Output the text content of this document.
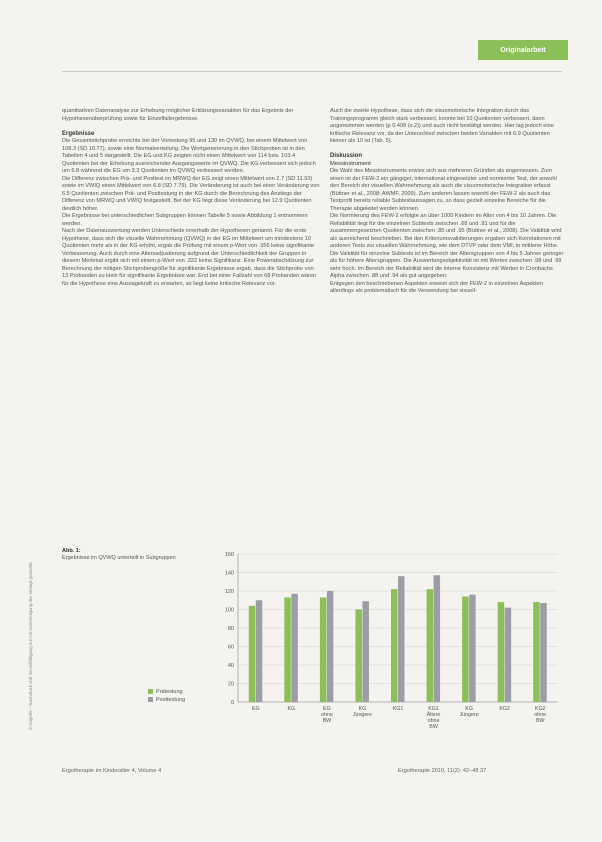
Originalarbeit
© Hogrefe – Nachdruck und Vervielfältigung nur mit Genehmigung des Verlags gestattet.

quantitativen Datenanalyse zur Erhebung möglicher Erklärungsvariablen für das Ergebnis der Hypothesenüberprüfung sowie für Einzelfallergebnisse.

Ergebnisse

Die Gesamtstichprobe erreichte bei der Vortestung 95 und 130 im QVWQ, bei einem Mittelwert von 108.3 (SD 10.77), sowie eine Normalverteilung. Die Wortgenerierung in den Stichproben ist in den Tabellen 4 und 5 dargestellt. Die EG und KG zeigten nicht einen Mittelwert von 114 bzw. 103.4 Quotienten bei der Erhebung ausreichender Ausgangswerte im QVWQ. Die KG verbessert sich jedoch um 6.8 während die EG um 3.3 Quotienten im QVWQ verbessert werden.

Die Differenz zwischen Prä- und Posttest im MRWQ der EG zeigt einen Mittelwert von 2.7 (SD 11.93) sowie im VWIQ einen Mittelwert von 6.8 (SD 7.79). Die Veränderung ist auch bei einer Veränderung von 6.5 Quotienten zwischen Prä- und Posttestung in der KG durch die Berechnung des Anstiegs der Differenz von MRWQ und VWIQ festgestellt. Bei der KG liegt diese Veränderung bei 12.9 Quotienten deutlich höher.

Die Ergebnisse bei unterschiedlichen Subgruppen können Tabelle 5 sowie Abbildung 1 entnommen werden.

Nach der Datenauswertung werden Unterschiede innerhalb der Hypothesen genannt. Für die erste Hypothese, dass sich die visuelle Wahrnehmung (QVWQ) in der EG im Mittelwert um mindestens 10 Quotienten mehr als in der KG erhöht, ergab die Prüfung mit einem p-Wert von .356 keine signifikante Verbesserung. Auch durch eine Altersadjustierung aufgrund der Unterschiedlichkeit der Gruppen in diesem Merkmal ergibt sich mit einem p-Wert von .322 keine Signifikanz. Eine Powerabschätzung zur Berechnung der nötigen Stichprobengröße für signifikante Ergebnisse ergab, dass die Stichprobe von 13 Probanden zu klein für signifikante Ergebnisse war. Erst bei einer Fallzahl von 68 Probanden wären für die Hypothese eine Aussagekraft zu erwarten, so liegt keine kritische Relevanz vor.

Auch die zweite Hypothese, dass sich die visuomotorische Integration durch das Trainingsprogramm gleich stark verbessert, konnte bei 10 Quotienten verbessert, dann angenommen werden (p 0.408 (s.2)) und auch nicht bestätigt werden. Hier lag jedoch eine kritische Relevanz vor, da der Unterschied zwischen beiden Variablen mit 6.9 Quotienten kleiner als 10 ist (Tab. 5).

Diskussion
Messinstrument

Die Wahl des Messinstruments erwies sich aus mehreren Gründen als angemessen. Zum einen ist der FEW-2 ein gängiger, international eingesetzter und normierter Test, der sowohl den Bereich der visuellen Wahrnehmung als auch die visuomotorische Integration erfasst (Büttner et al., 2008; AWMF, 2009). Zum anderen lassen sowohl der FEW-2 als auch das Testprofil bereits reliable Subtestaussagen zu, so dass gezielt einzelne Bereiche für die Therapie abgeleitet werden können.

Die Normierung des FEW-2 erfolgte an über 1000 Kindern im Alter von 4 bis 10 Jahren. Die Reliabilität liegt für die einzelnen Subtests zwischen .68 und .91 und für die zusammengesetzten Quotienten zwischen .85 und .95 (Büttner et al., 2008). Die Validität wird als ausreichend beschrieben. Bei den Kriteriumsvalidierungen ergaben sich Korrelationen mit anderen Tests zur visuellen Wahrnehmung, wie dem DTVP oder dem VMI, in mittlerer Höhe. Die Validität für einzelne Subtests ist im Bereich der Altersgruppen von 4 bis 5 Jahren geringer als für höhere Altersgruppen. Die Auswertungsobjektivität ist mit Werten zwischen .98 und .99 sehr hoch. Im Bereich der Reliabilität wird die interne Konsistenz mit Werten in Cronbachs Alpha zwischen .88 und .94 als gut angegeben.

Entgegen den beschriebenen Aspekten erweist sich der FEW-2 in einzelnen Aspekten allerdings als problematisch für die Verwendung bei visuell-

Abb. 1:
Ergebnisse im QVWQ unterteilt in Subgruppen
Prätestung
Posttestung	0
20
40
60
80
100
120
140
160
EG	KG	EG ohne BW
KG Jüngere
KG1	KG1 Ältere ohne BW
KG Jüngere
KG2	KG2 ohne BW
Ergotherapie im Kinderalter 4, Volume 4	Ergotherapie 2010, 11(2): 42–48 37
